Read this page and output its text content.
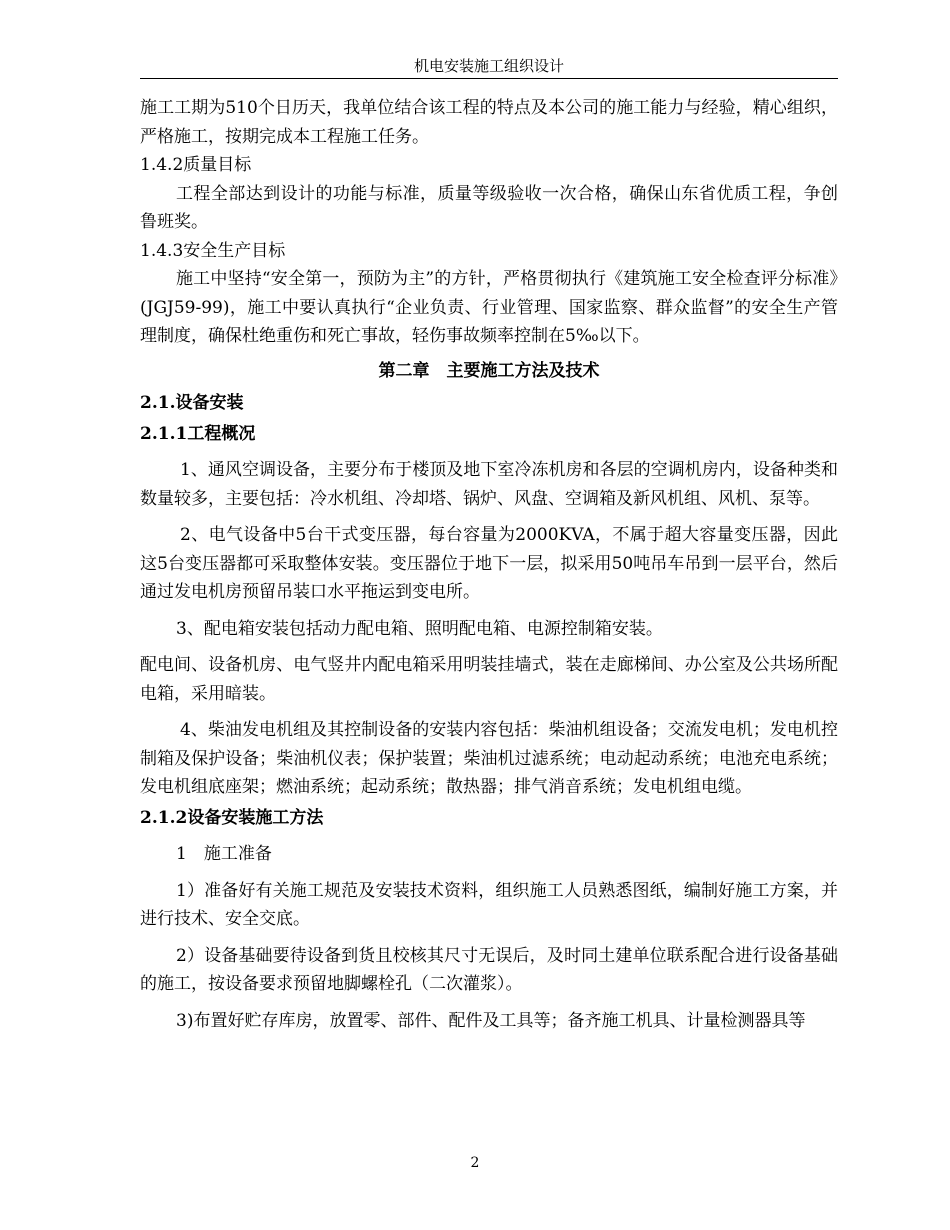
机电安装施工组织设计

施工工期为510个日历天，我单位结合该工程的特点及本公司的施工能力与经验，精心组织，严格施工，按期完成本工程施工任务。

1.4.2质量目标

工程全部达到设计的功能与标准，质量等级验收一次合格，确保山东省优质工程，争创鲁班奖。

1.4.3安全生产目标

施工中坚持“安全第一，预防为主”的方针，严格贯彻执行《建筑施工安全检查评分标准》(JGJ59-99)，施工中要认真执行“企业负责、行业管理、国家监察、群众监督”的安全生产管理制度，确保杜绝重伤和死亡事故，轻伤事故频率控制在5‰以下。

第二章　主要施工方法及技术

2.1.设备安装

2.1.1工程概况

1、通风空调设备，主要分布于楼顶及地下室冷冻机房和各层的空调机房内，设备种类和数量较多，主要包括：冷水机组、冷却塔、锅炉、风盘、空调箱及新风机组、风机、泵等。

2、电气设备中5台干式变压器，每台容量为2000KVA，不属于超大容量变压器，因此这5台变压器都可采取整体安装。变压器位于地下一层，拟采用50吨吊车吊到一层平台，然后通过发电机房预留吊装口水平拖运到变电所。

3、配电箱安装包括动力配电箱、照明配电箱、电源控制箱安装。

配电间、设备机房、电气竖井内配电箱采用明装挂墙式，装在走廊梯间、办公室及公共场所配电箱，采用暗装。

4、柴油发电机组及其控制设备的安装内容包括：柴油机组设备；交流发电机；发电机控制箱及保护设备；柴油机仪表；保护装置；柴油机过滤系统；电动起动系统；电池充电系统；发电机组底座架；燃油系统；起动系统；散热器；排气消音系统；发电机组电缆。

2.1.2设备安装施工方法

1　施工准备

1）准备好有关施工规范及安装技术资料，组织施工人员熟悉图纸，编制好施工方案，并进行技术、安全交底。

2）设备基础要待设备到货且校核其尺寸无误后，及时同土建单位联系配合进行设备基础的施工，按设备要求预留地脚螺栓孔（二次灌浆）。

3)布置好贮存库房，放置零、部件、配件及工具等；备齐施工机具、计量检测器具等

2
